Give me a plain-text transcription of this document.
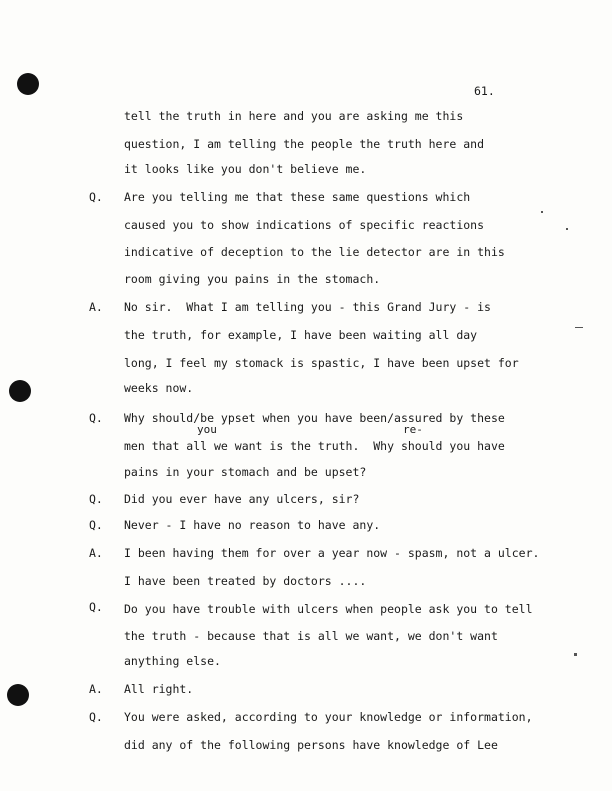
61.
tell the truth in here and you are asking me this
question, I am telling the people the truth here and
it looks like you don't believe me.
Q. Are you telling me that these same questions which
caused you to show indications of specific reactions
indicative of deception to the lie detector are in this
room giving you pains in the stomach.
A. No sir.  What I am telling you - this Grand Jury - is
the truth, for example, I have been waiting all day
long, I feel my stomack is spastic, I have been upset for
weeks now.
you	re-
Q. Why should/be ypset when you have been/assured by these
men that all we want is the truth.  Why should you have
pains in your stomach and be upset?
Q. Did you ever have any ulcers, sir?
Q. Never - I have no reason to have any.
A. I been having them for over a year now - spasm, not a ulcer.
I have been treated by doctors ....
Q. Do you have trouble with ulcers when people ask you to tell
the truth - because that is all we want, we don't want
anything else.
A. All right.
Q. You were asked, according to your knowledge or information,
did any of the following persons have knowledge of Lee
